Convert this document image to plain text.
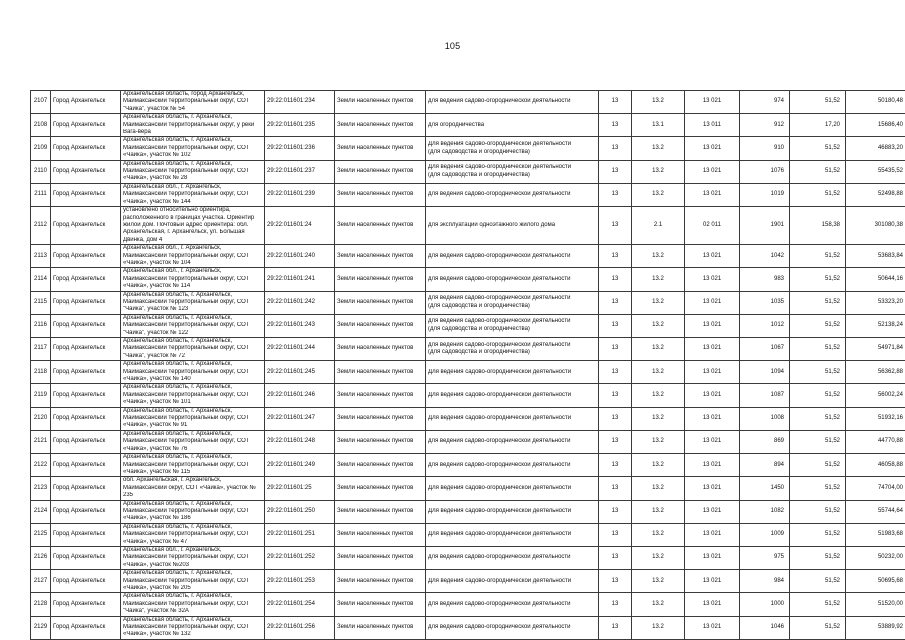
105
2107	Город Архангельск	Архангельская область, город Архангельск,
Маймаксанский территориальный округ, СОТ
"Чайка", участок № 54	29:22:011601:234	Земли населенных пунктов	для ведения садово-огороднической деятельности	13	13.2	13 021	974	51,52	50180,48
2108	Город Архангельск	Архангельская область, г. Архангельск,
Маймаксанский территориальный округ, у реки
Вага-вера	29:22:011601:235	Земли населенных пунктов	для огородничества	13	13.1	13 011	912	17,20	15686,40
2109	Город Архангельск	Архангельская область, г. Архангельск,
Маймаксанский территориальный округ, СОТ
«Чайка», участок № 102	29:22:011601:236	Земли населенных пунктов	Для ведения садово-огороднической деятельности
(для садоводства и огородничества)	13	13.2	13 021	910	51,52	46883,20
2110	Город Архангельск	Архангельская область, г. Архангельск,
Маймаксанский территориальный округ, СОТ
«Чайка», участок № 28	29:22:011601:237	Земли населенных пунктов	Для ведения садово-огороднической деятельности
(для садоводства и огородничества)	13	13.2	13 021	1076	51,52	55435,52
2111	Город Архангельск	Архангельская обл., г. Архангельск,
Маймаксанский территориальный округ, СОТ
«Чайка», участок № 144	29:22:011601:239	Земли населенных пунктов	для ведения садово-огороднической деятельности	13	13.2	13 021	1019	51,52	52498,88
2112	Город Архангельск	установлено относительно ориентира,
расположенного в границах участка. Ориентир
жилой дом. Почтовый адрес ориентира: обл.
Архангельская, г. Архангельск, ул. Большая
Двинка, дом 4	29:22:011601:24	Земли населенных пунктов	для эксплуатации одноэтажного жилого дома	13	2.1	02 011	1901	158,38	301080,38
2113	Город Архангельск	Архангельская обл., г. Архангельск,
Маймаксанский территориальный округ, СОТ
«Чайка», участок № 104	29:22:011601:240	Земли населенных пунктов	для ведения садово-огороднической деятельности	13	13.2	13 021	1042	51,52	53683,84
2114	Город Архангельск	Архангельская обл., г. Архангельск,
Маймаксанский территориальный округ, СОТ
«Чайка», участок № 114	29:22:011601:241	Земли населенных пунктов	для ведения садово-огороднической деятельности	13	13.2	13 021	983	51,52	50644,16
2115	Город Архангельск	Архангельская область, г. Архангельск,
Маймаксанский территориальный округ, СОТ
"Чайка", участок № 123	29:22:011601:242	Земли населенных пунктов	для ведения садово-огороднической деятельности
(для садоводства и огородничества)	13	13.2	13 021	1035	51,52	53323,20
2116	Город Архангельск	Архангельская область, г. Архангельск,
Маймаксанский территориальный округ, СОТ
"Чайка", участок № 122	29:22:011601:243	Земли населенных пунктов	для ведения садово-огороднической деятельности
(для садоводства и огородничества)	13	13.2	13 021	1012	51,52	52138,24
2117	Город Архангельск	Архангельская область, г. Архангельск,
Маймаксанский территориальный округ, СОТ
"Чайка", участок № 72	29:22:011601:244	Земли населенных пунктов	для ведения садово-огороднической деятельности
(для садоводства и огородничества)	13	13.2	13 021	1067	51,52	54971,84
2118	Город Архангельск	Архангельская область, г. Архангельск,
Маймаксанский территориальный округ, СОТ
«Чайка», участок № 140	29:22:011601:245	Земли населенных пунктов	Для ведения садово-огороднической деятельности	13	13.2	13 021	1094	51,52	56362,88
2119	Город Архангельск	Архангельская область, г. Архангельск,
Маймаксанский территориальный округ, СОТ
«Чайка», участок № 101	29:22:011601:246	Земли населенных пунктов	Для ведения садово-огороднической деятельности	13	13.2	13 021	1087	51,52	56002,24
2120	Город Архангельск	Архангельская область, г. Архангельск,
Маймаксанский территориальный округ, СОТ
«Чайка», участок № 91	29:22:011601:247	Земли населенных пунктов	Для ведения садово-огороднической деятельности	13	13.2	13 021	1008	51,52	51932,16
2121	Город Архангельск	Архангельская область, г. Архангельск,
Маймаксанский территориальный округ, СОТ
«Чайка», участок № 76	29:22:011601:248	Земли населенных пунктов	для ведения садово-огороднической деятельности	13	13.2	13 021	869	51,52	44770,88
2122	Город Архангельск	Архангельская область, г. Архангельск,
Маймаксанский территориальный округ, СОТ
«Чайка», участок № 115	29:22:011601:249	Земли населенных пунктов	для ведения садово-огороднической деятельности	13	13.2	13 021	894	51,52	46058,88
2123	Город Архангельск	обл. Архангельская, г. Архангельск,
Маймаксанский округ, СОТ «Чайка», участок №
235	29:22:011601:25	Земли населенных пунктов	Для ведения садово-огороднической деятельности	13	13.2	13 021	1450	51,52	74704,00
2124	Город Архангельск	Архангельская область, г. Архангельск,
Маймаксанский территориальный округ, СОТ
«Чайка», участок № 186	29:22:011601:250	Земли населенных пунктов	Для ведения садово-огороднической деятельности	13	13.2	13 021	1082	51,52	55744,64
2125	Город Архангельск	Архангельская область, г. Архангельск,
Маймаксанский территориальный округ, СОТ
«Чайка», участок № 47	29:22:011601:251	Земли населенных пунктов	Для ведения садово-огороднической деятельности	13	13.2	13 021	1009	51,52	51983,68
2126	Город Архангельск	Архангельская обл., г. Архангельск,
Маймаксанский территориальный округ, СОТ
«Чайка», участок №203	29:22:011601:252	Земли населенных пунктов	для ведения садово-огороднической деятельности	13	13.2	13 021	975	51,52	50232,00
2127	Город Архангельск	Архангельская область, г. Архангельск,
Маймаксанский территориальный округ, СОТ
«Чайка», участок № 205	29:22:011601:253	Земли населенных пунктов	Для ведения садово-огороднической деятельности	13	13.2	13 021	984	51,52	50695,68
2128	Город Архангельск	Архангельская область, г. Архангельск,
Маймаксанский территориальный округ, СОТ
"Чайка", участок № 32А	29:22:011601:254	Земли населенных пунктов	для ведения садово-огороднической деятельности	13	13.2	13 021	1000	51,52	51520,00
2129	Город Архангельск	Архангельская область, г. Архангельск,
Маймаксанский территориальный округ, СОТ
«Чайка», участок № 132	29:22:011601:256	Земли населенных пунктов	для ведения садово-огороднической деятельности	13	13.2	13 021	1046	51,52	53889,92
